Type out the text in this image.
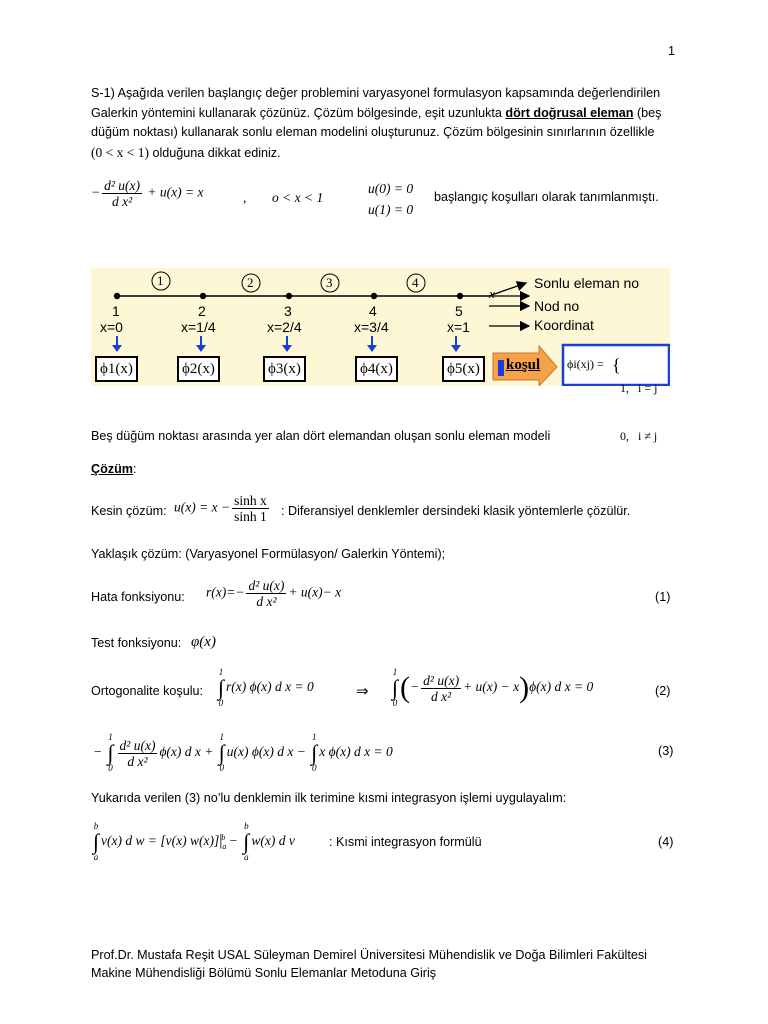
1
S-1) Aşağıda verilen başlangıç değer problemini varyasyonel formulasyon kapsamında değerlendirilen
Galerkin yöntemini kullanarak çözünüz. Çözüm bölgesinde, eşit uzunlukta dört doğrusal eleman (beş
düğüm noktası) kullanarak sonlu eleman modelini oluşturunuz. Çözüm bölgesinin sınırlarının özellikle
(0 < x < 1) olduğuna dikkat ediniz.
− $\frac{\text{d² u(x)}}{\text{d x²}} + u(x) = x$	, o < x < 1
u(0) = 0
u(1) = 0
başlangıç koşulları olarak tanımlanmıştı.
1	2	3	4
x
1	2	3	4	5
x=0	x=1/4	x=2/4	x=3/4	x=1
Sonlu eleman no
Nod no
Koordinat
ϕ1(x)	ϕ2(x)	ϕ3(x)	ϕ4(x)	ϕ5(x)	koşul ϕi(xj) = {

1,   i = j

0,   i ≠ j

Beş düğüm noktası arasında yer alan dört elemandan oluşan sonlu eleman modeli
Çözüm:
Kesin çözüm: $u(x) = x - \frac{\text{sinh x}}{\sinh 1}$ : Diferansiyel denklemler dersindeki klasik yöntemlerle çözülür.
Yaklaşık çözüm: (Varyasyonel Formülasyon/ Galerkin Yöntemi);
Hata fonksiyonu: $r(x)=- \frac{\text{d² u(x)}}{\text{d x²}} + u(x)- x$	(1)
Test fonksiyonu: φ(x)
Ortogonalite koşulu:
1
∫
0
r(x) ϕ(x) d x = 0	⇒
1
∫
0 (− $\frac{\text{d² u(x)}}{\text{d x²}} + u(x) - x)\phi(x)$ d x = 0	(2)
−
1
∫
$0 \frac{\text{d² u(x)}}{\text{d x²}} \phi(x)$ d x +
1
∫
0
u(x) ϕ(x) d x −
1
∫
0
x ϕ(x) d x = 0	(3)
Yukarıda verilen (3) no’lu denklemin ilk terimine kısmi integrasyon işlemi uygulayalım:
b
∫
a
v(x) d w = [v(x) $w(x)]|_a^b$ −
b
∫
a
w(x) d v	: Kısmi integrasyon formülü	(4)
Prof.Dr. Mustafa Reşit USAL Süleyman Demirel Üniversitesi Mühendislik ve Doğa Bilimleri Fakültesi
Makine Mühendisliği Bölümü Sonlu Elemanlar Metoduna Giriş
